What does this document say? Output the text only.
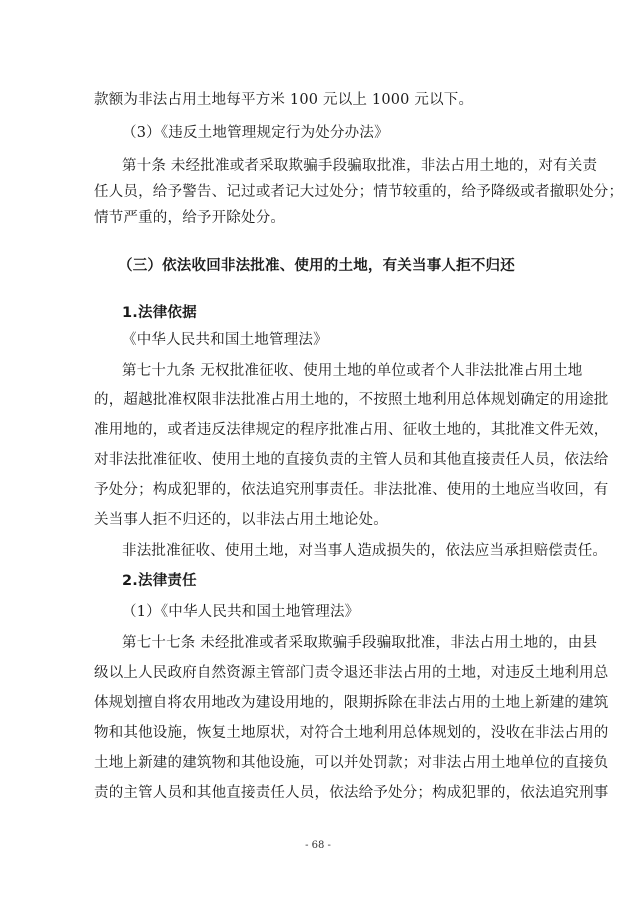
款额为非法占用土地每平方米 100 元以上 1000 元以下。
（3）《违反土地管理规定行为处分办法》
第十条 未经批准或者采取欺骗手段骗取批准，非法占用土地的，对有关责
任人员，给予警告、记过或者记大过处分；情节较重的，给予降级或者撤职处分；
情节严重的，给予开除处分。
（三）依法收回非法批准、使用的土地，有关当事人拒不归还
1.法律依据
《中华人民共和国土地管理法》
第七十九条 无权批准征收、使用土地的单位或者个人非法批准占用土地
的，超越批准权限非法批准占用土地的，不按照土地利用总体规划确定的用途批
准用地的，或者违反法律规定的程序批准占用、征收土地的，其批准文件无效，
对非法批准征收、使用土地的直接负责的主管人员和其他直接责任人员，依法给
予处分；构成犯罪的，依法追究刑事责任。非法批准、使用的土地应当收回，有
关当事人拒不归还的，以非法占用土地论处。
非法批准征收、使用土地，对当事人造成损失的，依法应当承担赔偿责任。
2.法律责任
（1）《中华人民共和国土地管理法》
第七十七条 未经批准或者采取欺骗手段骗取批准，非法占用土地的，由县
级以上人民政府自然资源主管部门责令退还非法占用的土地，对违反土地利用总
体规划擅自将农用地改为建设用地的，限期拆除在非法占用的土地上新建的建筑
物和其他设施，恢复土地原状，对符合土地利用总体规划的，没收在非法占用的
土地上新建的建筑物和其他设施，可以并处罚款；对非法占用土地单位的直接负
责的主管人员和其他直接责任人员，依法给予处分；构成犯罪的，依法追究刑事
- 68 -
